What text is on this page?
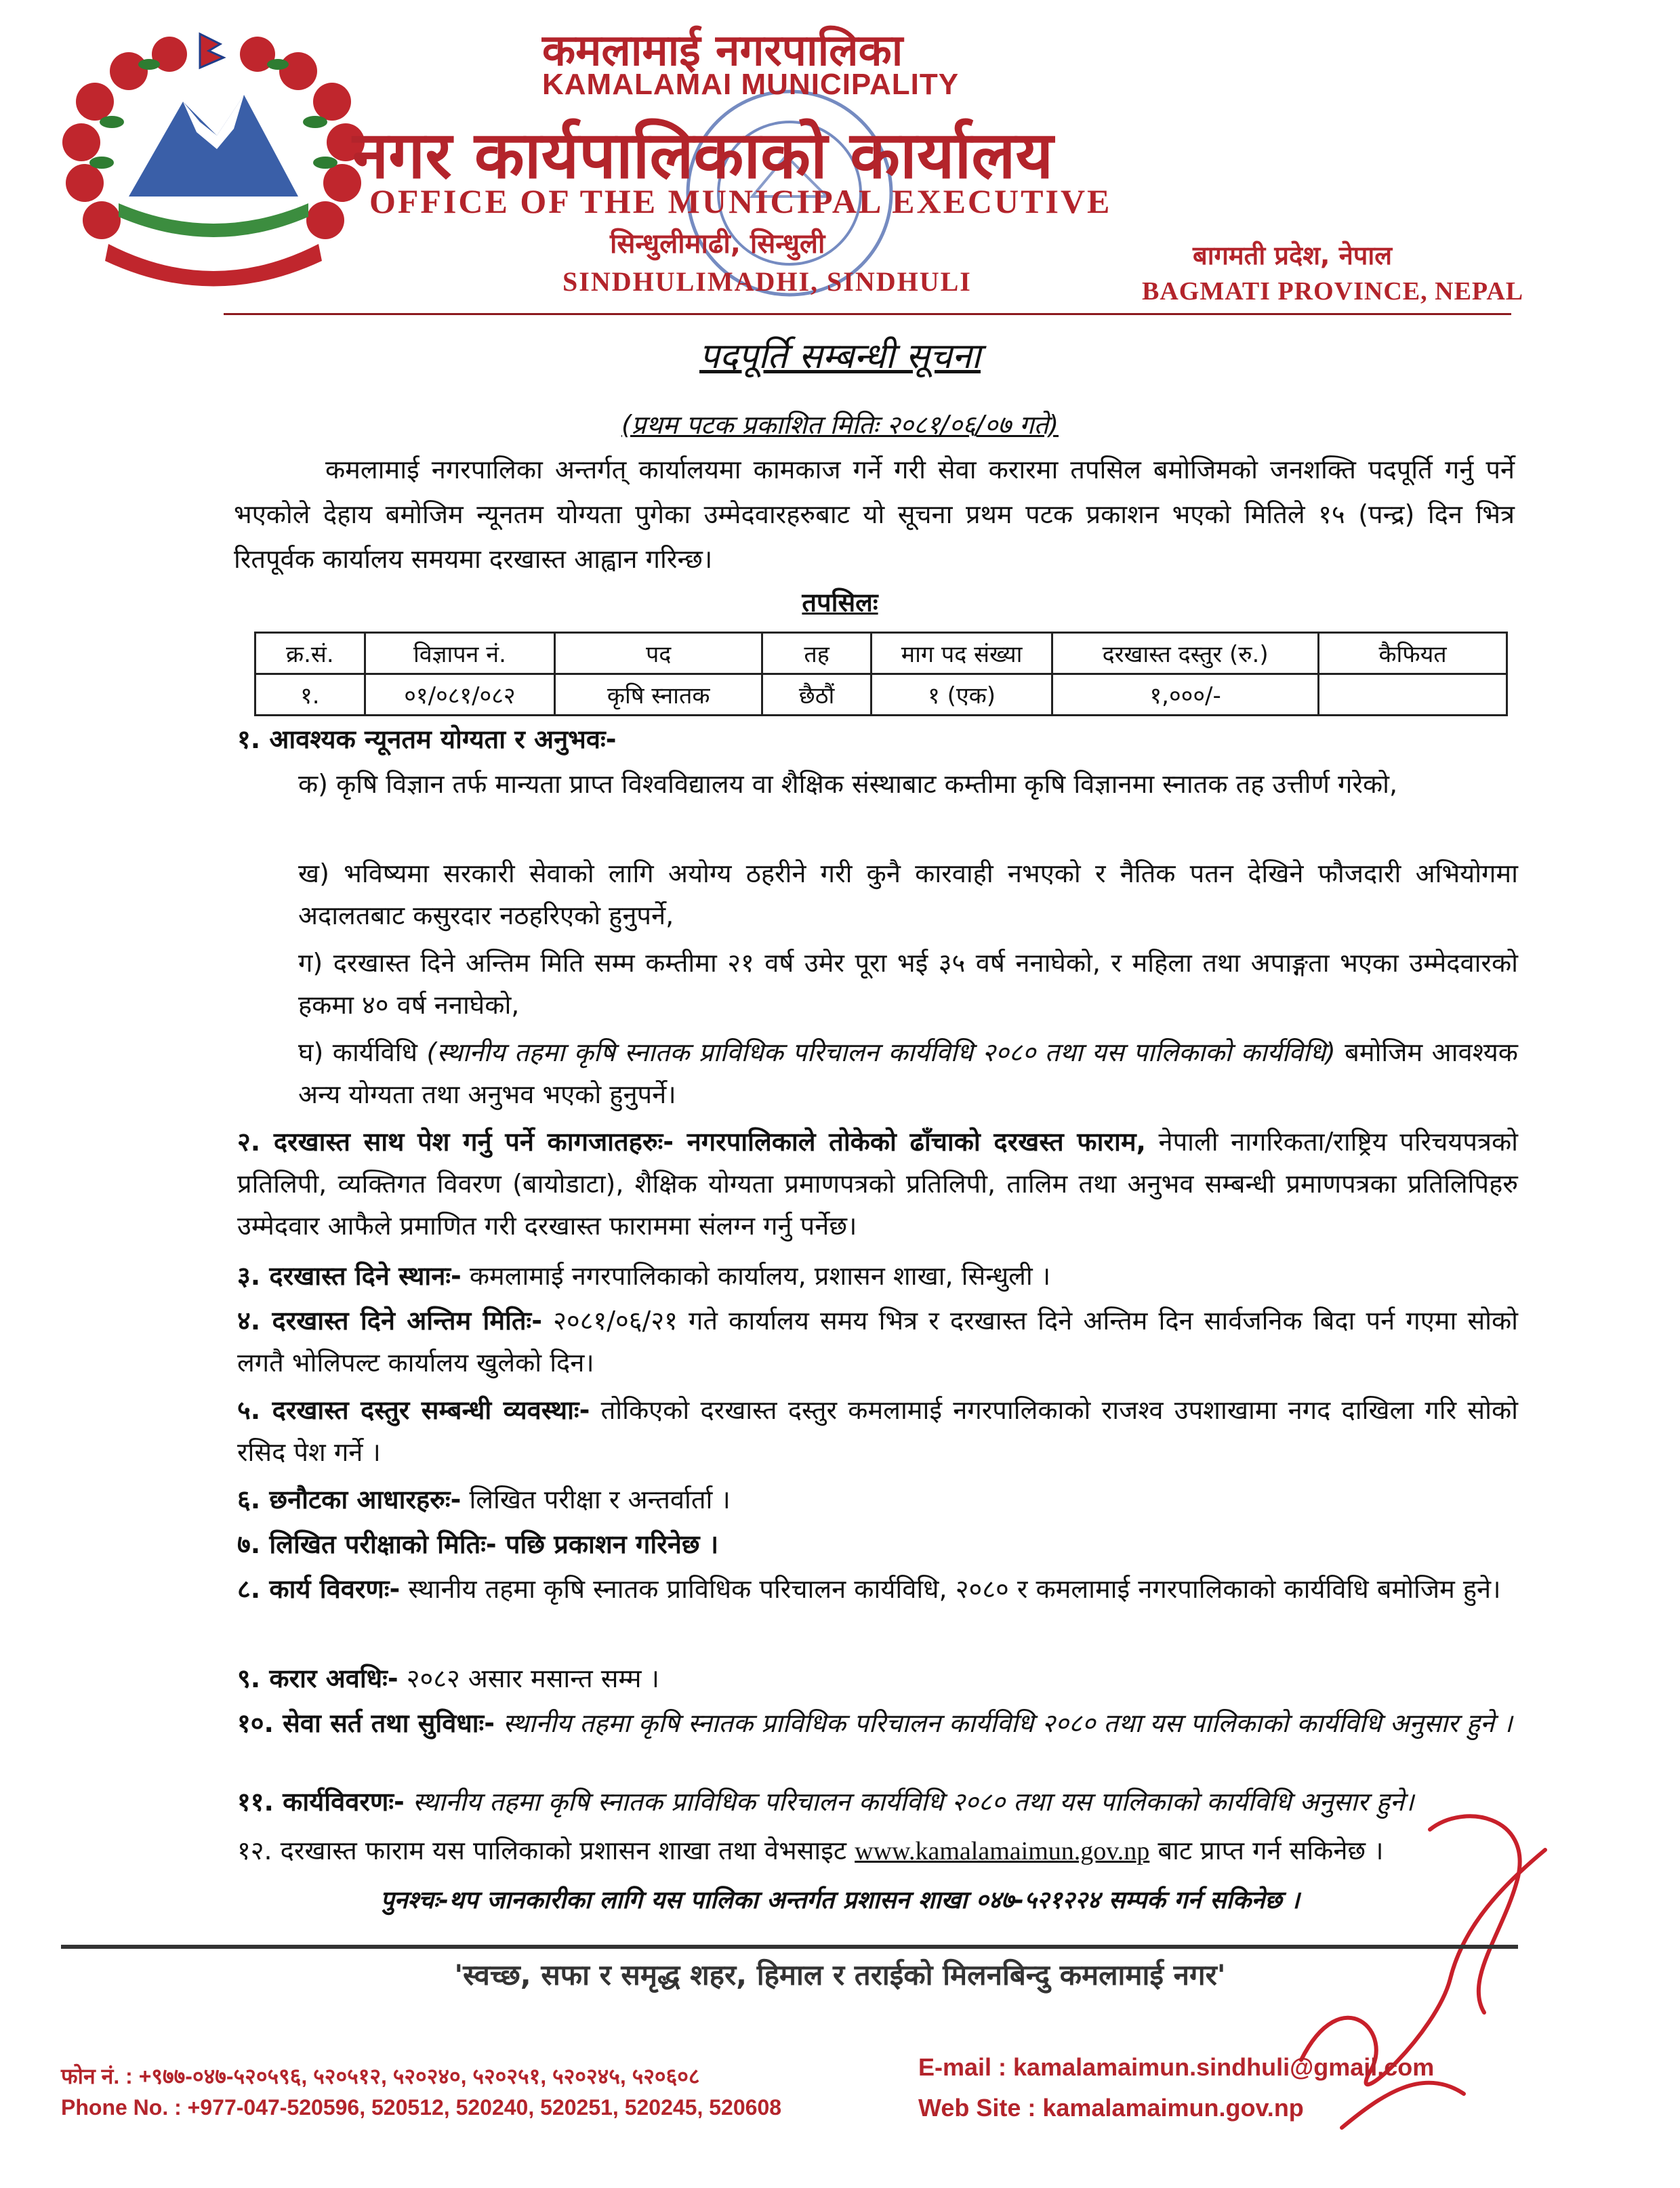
कमलामाई नगरपालिका
KAMALAMAI MUNICIPALITY
नगर कार्यपालिकाको कार्यालय
OFFICE OF THE MUNICIPAL EXECUTIVE
सिन्धुलीमाढी, सिन्धुली
SINDHULIMADHI, SINDHULI
बागमती प्रदेश, नेपाल
BAGMATI PROVINCE, NEPAL
पदपूर्ति सम्बन्धी सूचना
(प्रथम पटक प्रकाशित मितिः २०८१/०६/०७ गते)
कमलामाई नगरपालिका अन्तर्गत् कार्यालयमा कामकाज गर्ने गरी सेवा करारमा तपसिल बमोजिमको जनशक्ति पदपूर्ति गर्नु पर्ने भएकोले देहाय बमोजिम न्यूनतम योग्यता पुगेका उम्मेदवारहरुबाट यो सूचना प्रथम पटक प्रकाशन भएको मितिले १५ (पन्द्र) दिन भित्र रितपूर्वक कार्यालय समयमा दरखास्त आह्वान गरिन्छ।
तपसिलः
क्र.सं.	विज्ञापन नं.	पद	तह	माग पद संख्या	दरखास्त दस्तुर (रु.)	कैफियत
१.	०१/०८१/०८२	कृषि स्नातक	छैठौं	१ (एक)	१,०००/-	
१. आवश्यक न्यूनतम योग्यता र अनुभवः-
क) कृषि विज्ञान तर्फ मान्यता प्राप्त विश्वविद्यालय वा शैक्षिक संस्थाबाट कम्तीमा कृषि विज्ञानमा स्नातक तह उत्तीर्ण गरेको,
ख) भविष्यमा सरकारी सेवाको लागि अयोग्य ठहरीने गरी कुनै कारवाही नभएको र नैतिक पतन देखिने फौजदारी अभियोगमा अदालतबाट कसुरदार नठहरिएको हुनुपर्ने,
ग) दरखास्त दिने अन्तिम मिति सम्म कम्तीमा २१ वर्ष उमेर पूरा भई ३५ वर्ष ननाघेको, र महिला तथा अपाङ्गता भएका उम्मेदवारको हकमा ४० वर्ष ननाघेको,
घ) कार्यविधि (स्थानीय तहमा कृषि स्नातक प्राविधिक परिचालन कार्यविधि २०८० तथा यस पालिकाको कार्यविधि) बमोजिम आवश्यक अन्य योग्यता तथा अनुभव भएको हुनुपर्ने।
२. दरखास्त साथ पेश गर्नु पर्ने कागजातहरुः- नगरपालिकाले तोकेको ढाँचाको दरखस्त फाराम, नेपाली नागरिकता/राष्ट्रिय परिचयपत्रको प्रतिलिपी, व्यक्तिगत विवरण (बायोडाटा), शैक्षिक योग्यता प्रमाणपत्रको प्रतिलिपी, तालिम तथा अनुभव सम्बन्धी प्रमाणपत्रका प्रतिलिपिहरु उम्मेदवार आफैले प्रमाणित गरी दरखास्त फाराममा संलग्न गर्नु पर्नेछ।
३. दरखास्त दिने स्थानः- कमलामाई नगरपालिकाको कार्यालय, प्रशासन शाखा, सिन्धुली ।
४. दरखास्त दिने अन्तिम मितिः- २०८१/०६/२१ गते कार्यालय समय भित्र र दरखास्त दिने अन्तिम दिन सार्वजनिक बिदा पर्न गएमा सोको लगतै भोलिपल्ट कार्यालय खुलेको दिन।
५. दरखास्त दस्तुर सम्बन्धी व्यवस्थाः- तोकिएको दरखास्त दस्तुर कमलामाई नगरपालिकाको राजश्व उपशाखामा नगद दाखिला गरि सोको रसिद पेश गर्ने ।
६. छनौटका आधारहरुः- लिखित परीक्षा र अन्तर्वार्ता ।
७. लिखित परीक्षाको मितिः- पछि प्रकाशन गरिनेछ ।
८. कार्य विवरणः- स्थानीय तहमा कृषि स्नातक प्राविधिक परिचालन कार्यविधि, २०८० र कमलामाई नगरपालिकाको कार्यविधि बमोजिम हुने।
९. करार अवधिः- २०८२ असार मसान्त सम्म ।
१०. सेवा सर्त तथा सुविधाः- स्थानीय तहमा कृषि स्नातक प्राविधिक परिचालन कार्यविधि २०८० तथा यस पालिकाको कार्यविधि अनुसार हुने ।
११. कार्यविवरणः- स्थानीय तहमा कृषि स्नातक प्राविधिक परिचालन कार्यविधि २०८० तथा यस पालिकाको कार्यविधि अनुसार हुने।
१२. दरखास्त फाराम यस पालिकाको प्रशासन शाखा तथा वेभसाइट www.kamalamaimun.gov.np बाट प्राप्त गर्न सकिनेछ ।
पुनश्चः-थप जानकारीका लागि यस पालिका अन्तर्गत प्रशासन शाखा ०४७-५२१२२४ सम्पर्क गर्न सकिनेछ ।
'स्वच्छ, सफा र समृद्ध शहर, हिमाल र तराईको मिलनबिन्दु कमलामाई नगर'
फोन नं. : +९७७-०४७-५२०५९६, ५२०५१२, ५२०२४०, ५२०२५१, ५२०२४५, ५२०६०८
Phone No. : +977-047-520596, 520512, 520240, 520251, 520245, 520608
E-mail : kamalamaimun.sindhuli@gmail.com
Web Site : kamalamaimun.gov.np
